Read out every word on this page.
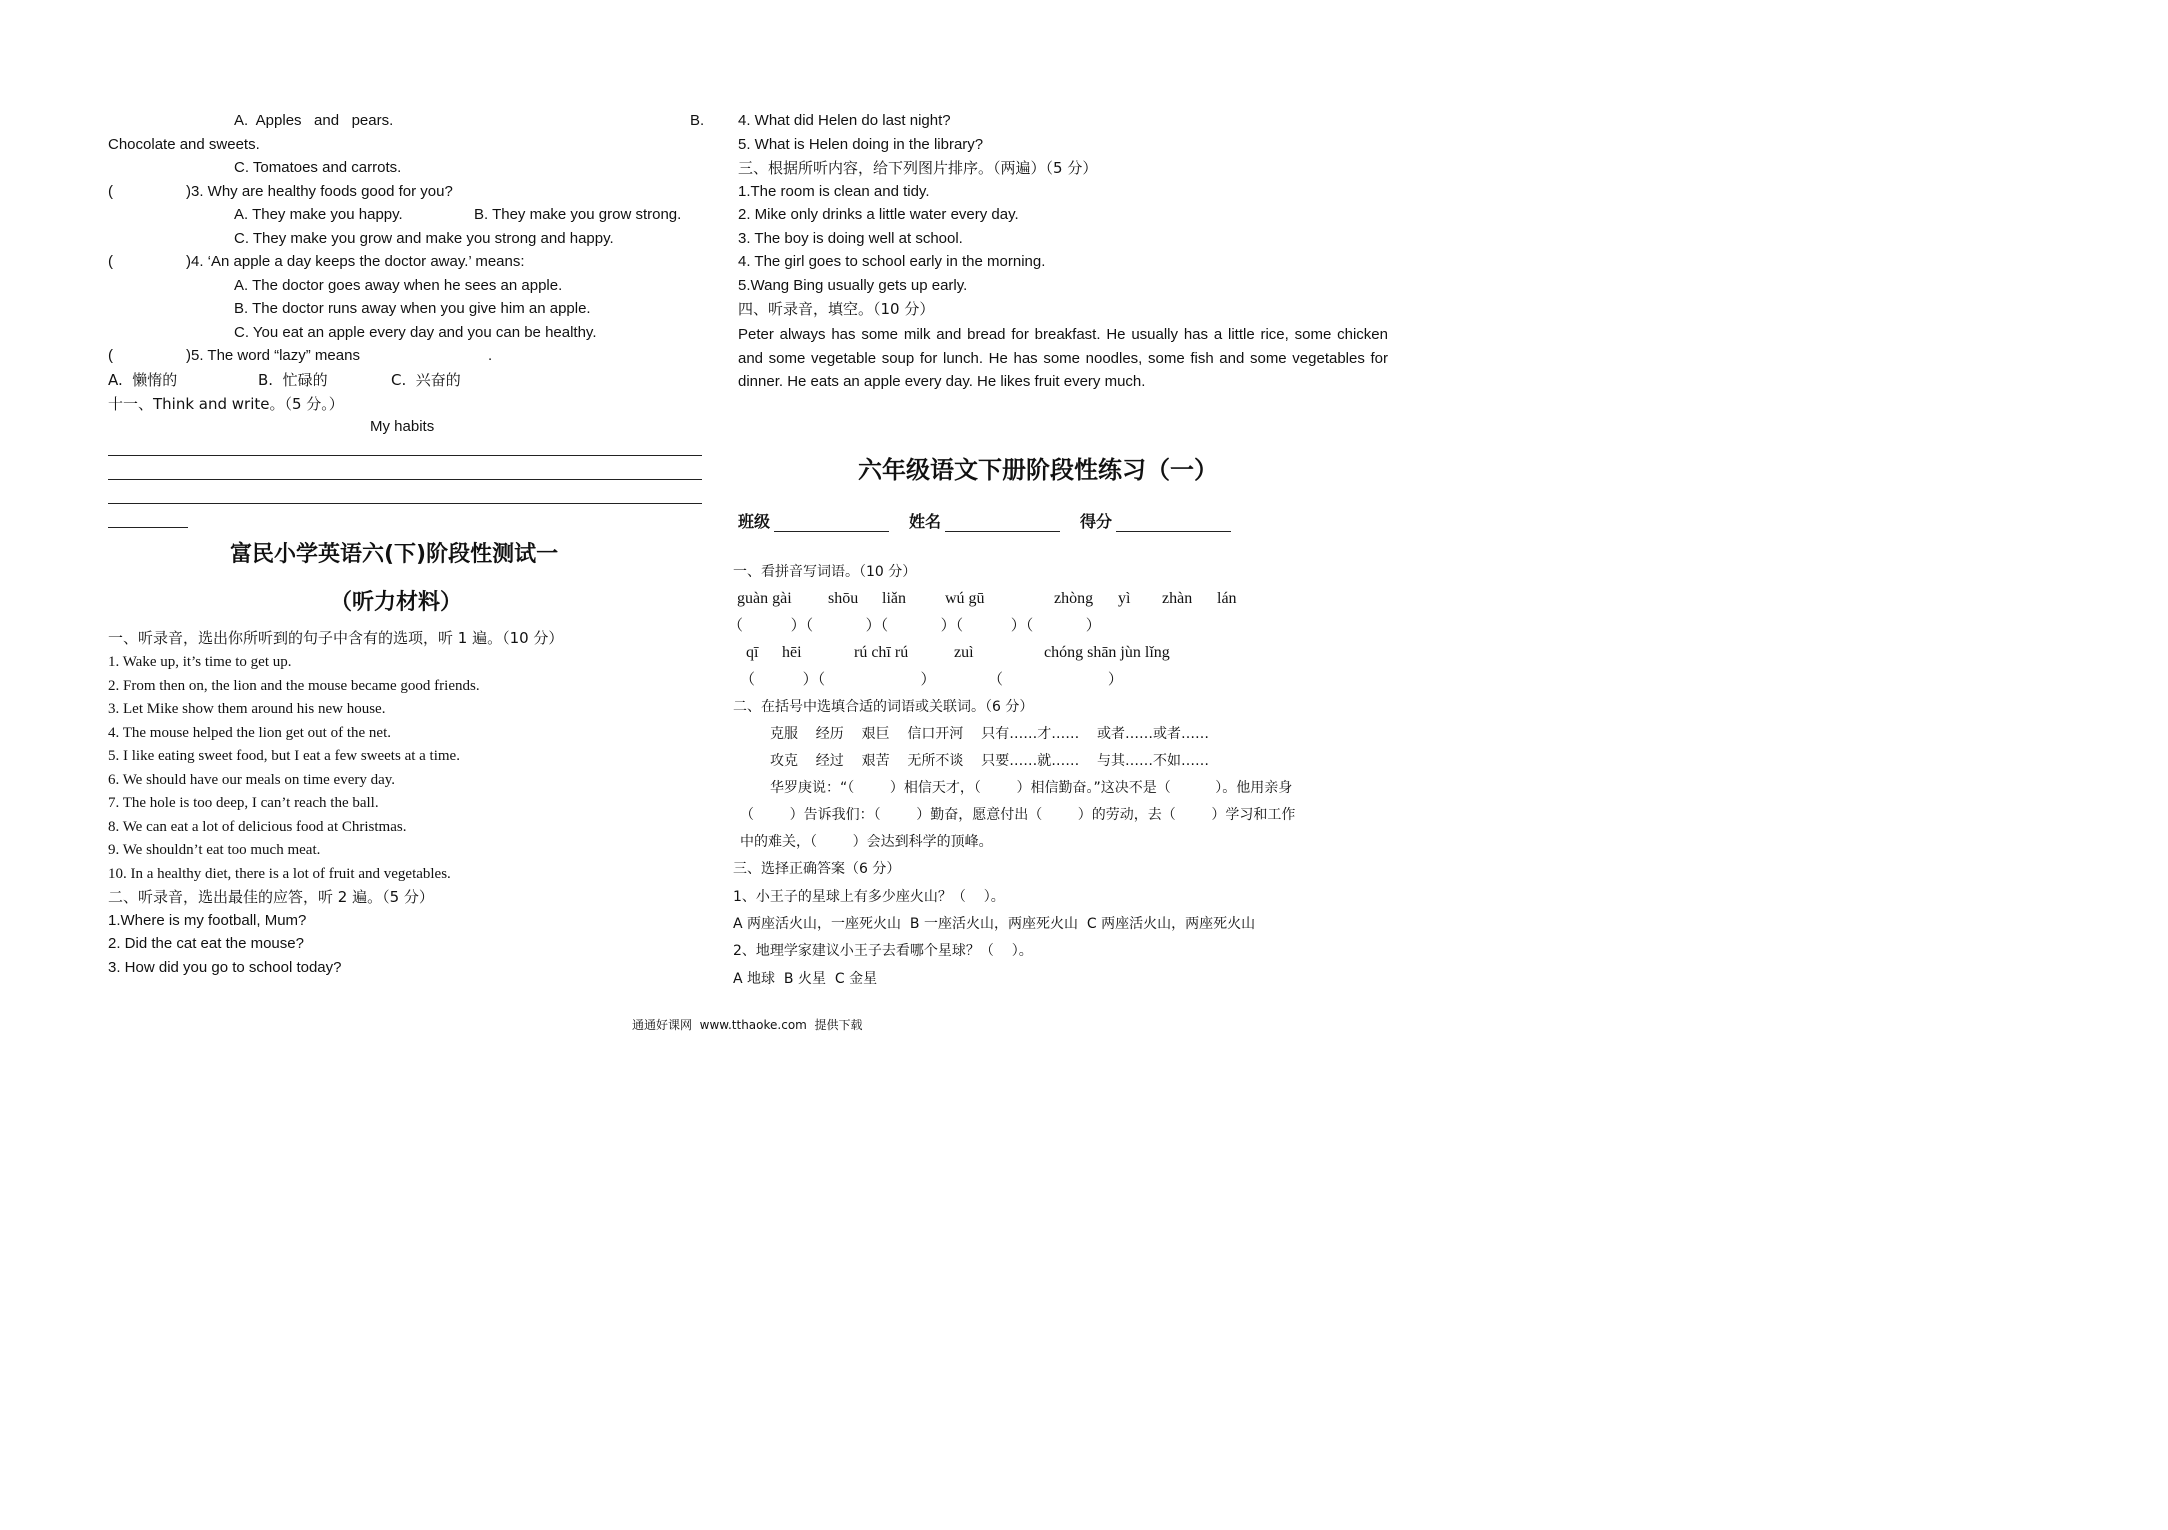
A.  Apples   and   pears.	B.
Chocolate and sweets.
C. Tomatoes and carrots.
(	)3. Why are healthy foods good for you?
A. They make you happy.	B. They make you grow strong.
C. They make you grow and make you strong and happy.
(	)4. ‘An apple a day keeps the doctor away.’ means:
A. The doctor goes away when he sees an apple.
B. The doctor runs away when you give him an apple.
C. You eat an apple every day and you can be healthy.
(	)5. The word “lazy” means	.
A.  懒惰的	B.  忙碌的	C.  兴奋的
十一、Think and write。（5 分。）
My habits
富民小学英语六(下)阶段性测试一
（听力材料）
一、听录音，选出你所听到的句子中含有的选项，听 1 遍。（10 分）
1. Wake up, it’s time to get up.
2. From then on, the lion and the mouse became good friends.
3. Let Mike show them around his new house.
4. The mouse helped the lion get out of the net.
5. I like eating sweet food, but I eat a few sweets at a time.
6. We should have our meals on time every day.
7. The hole is too deep, I can’t reach the ball.
8. We can eat a lot of delicious food at Christmas.
9. We shouldn’t eat too much meat.
10. In a healthy diet, there is a lot of fruit and vegetables.
二、听录音，选出最佳的应答，听 2 遍。（5 分）
1.Where is my football, Mum?
2. Did the cat eat the mouse?
3. How did you go to school today?
4. What did Helen do last night?
5. What is Helen doing in the library?
三、根据所听内容，给下列图片排序。（两遍）（5 分）
1.The room is clean and tidy.
2. Mike only drinks a little water every day.
3. The boy is doing well at school.
4. The girl goes to school early in the morning.
5.Wang Bing usually gets up early.
四、听录音，填空。（10 分）
Peter always has some milk and bread for breakfast. He usually has a little rice, some chicken and some vegetable soup for lunch. He has some noodles, some fish and some vegetables for dinner. He eats an apple every day. He likes fruit every much.
六年级语文下册阶段性练习（一）
班级	姓名	得分
一、看拼音写词语。（10 分）
guàn gài shōu liǎn wú gū	zhòng yì zhàn lán
（          ）（           ）（           ）（          ）（           ）
qī hēi	rú chī rú	zuì	chóng shān jùn lǐng
（          ）（                    ）           （                      ）
二、在括号中选填合适的词语或关联词。（6 分）
克服    经历    艰巨    信口开河    只有……才……    或者……或者……
攻克    经过    艰苦    无所不谈    只要……就……    与其……不如……
华罗庚说：“（        ）相信天才，（        ）相信勤奋。”这决不是（          ）。他用亲身
（        ）告诉我们：（        ）勤奋，愿意付出（        ）的劳动，去（        ）学习和工作
中的难关，（        ）会达到科学的顶峰。
三、选择正确答案（6 分）
1、小王子的星球上有多少座火山？（    ）。
A 两座活火山，一座死火山  B 一座活火山，两座死火山  C 两座活火山，两座死火山
2、地理学家建议小王子去看哪个星球？（    ）。
A 地球  B 火星  C 金星
通通好课网  www.tthaoke.com  提供下载
